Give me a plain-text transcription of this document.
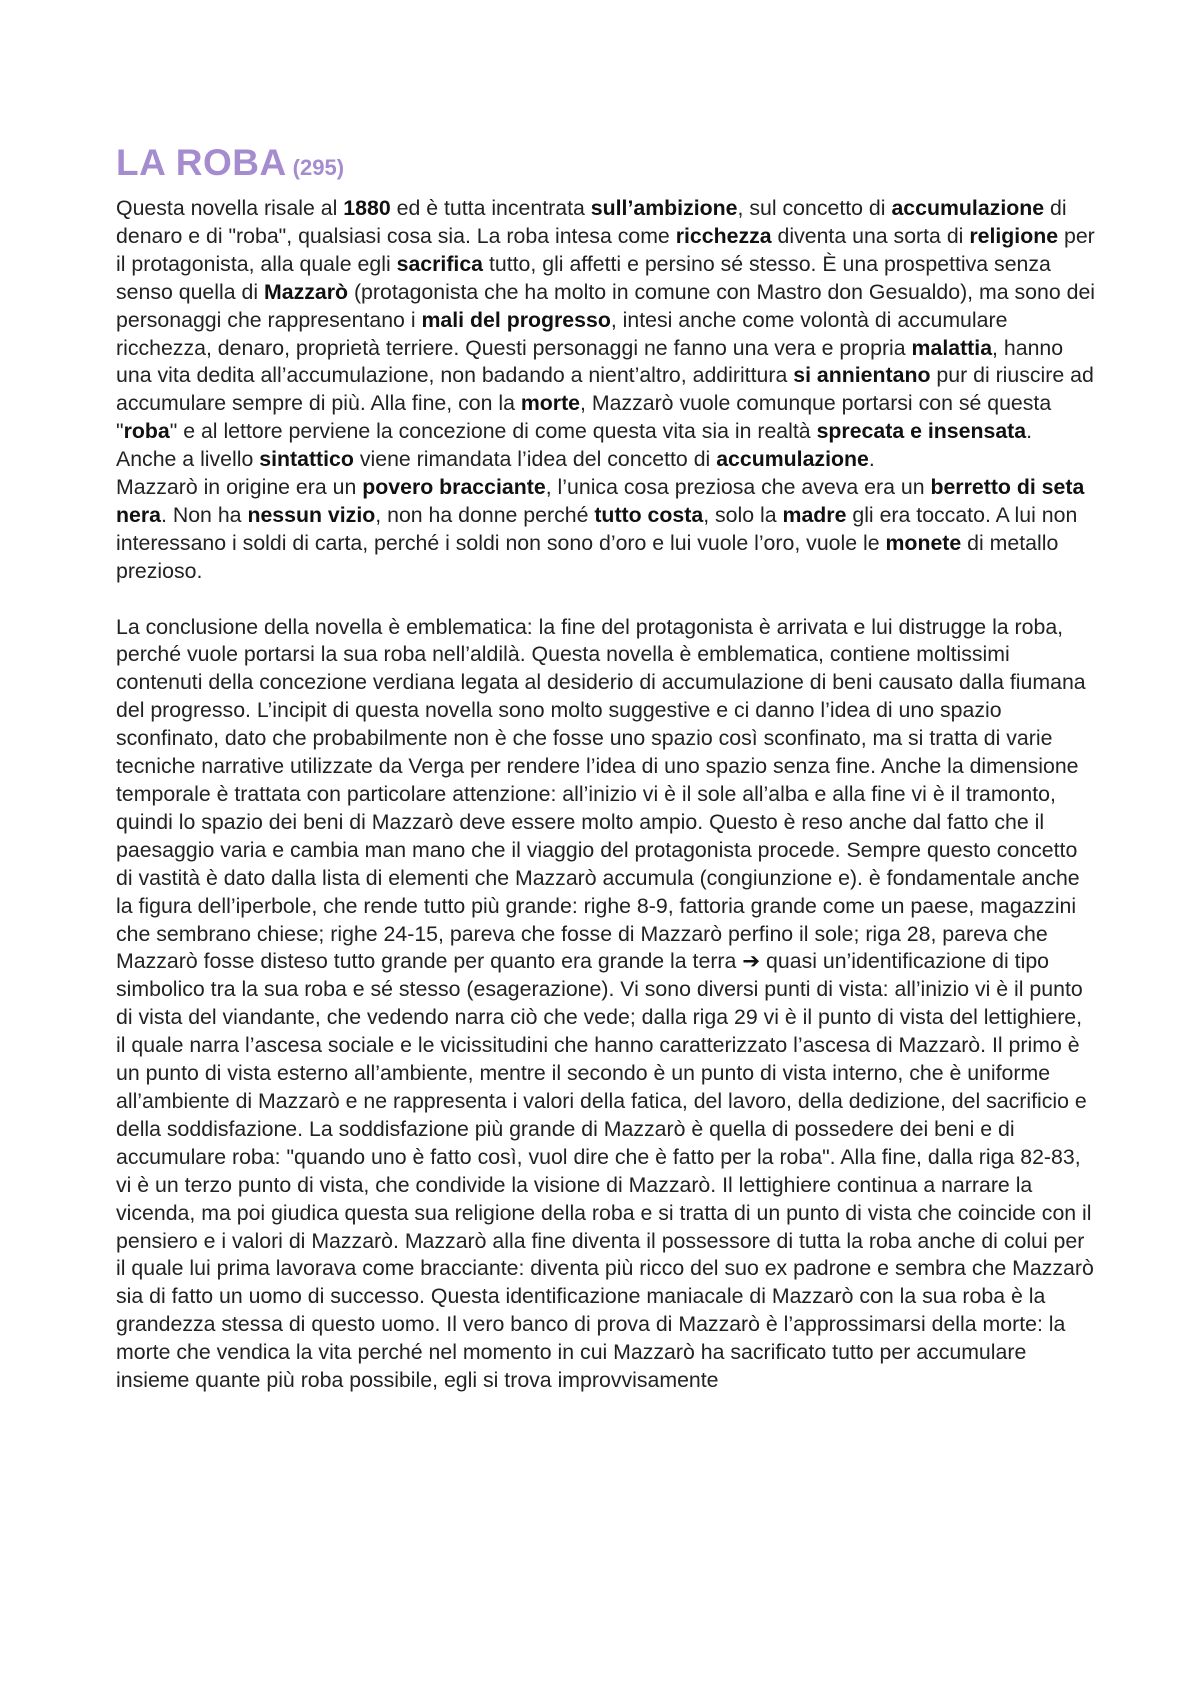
LA ROBA (295)

Questa novella risale al 1880 ed è tutta incentrata sull’ambizione, sul concetto di accumulazione di denaro e di "roba", qualsiasi cosa sia. La roba intesa come ricchezza diventa una sorta di religione per il protagonista, alla quale egli sacrifica tutto, gli affetti e persino sé stesso. È una prospettiva senza senso quella di Mazzarò (protagonista che ha molto in comune con Mastro don Gesualdo), ma sono dei personaggi che rappresentano i mali del progresso, intesi anche come volontà di accumulare ricchezza, denaro, proprietà terriere. Questi personaggi ne fanno una vera e propria malattia, hanno una vita dedita all’accumulazione, non badando a nient’altro, addirittura si annientano pur di riuscire ad accumulare sempre di più. Alla fine, con la morte, Mazzarò vuole comunque portarsi con sé questa "roba" e al lettore perviene la concezione di come questa vita sia in realtà sprecata e insensata. Anche a livello sintattico viene rimandata l’idea del concetto di accumulazione.

Mazzarò in origine era un povero bracciante, l’unica cosa preziosa che aveva era un berretto di seta nera. Non ha nessun vizio, non ha donne perché tutto costa, solo la madre gli era toccato. A lui non interessano i soldi di carta, perché i soldi non sono d’oro e lui vuole l’oro, vuole le monete di metallo prezioso.

La conclusione della novella è emblematica: la fine del protagonista è arrivata e lui distrugge la roba, perché vuole portarsi la sua roba nell’aldilà. Questa novella è emblematica, contiene moltissimi contenuti della concezione verdiana legata al desiderio di accumulazione di beni causato dalla fiumana del progresso. L’incipit di questa novella sono molto suggestive e ci danno l’idea di uno spazio sconfinato, dato che probabilmente non è che fosse uno spazio così sconfinato, ma si tratta di varie tecniche narrative utilizzate da Verga per rendere l’idea di uno spazio senza fine. Anche la dimensione temporale è trattata con particolare attenzione: all’inizio vi è il sole all’alba e alla fine vi è il tramonto, quindi lo spazio dei beni di Mazzarò deve essere molto ampio. Questo è reso anche dal fatto che il paesaggio varia e cambia man mano che il viaggio del protagonista procede. Sempre questo concetto di vastità è dato dalla lista di elementi che Mazzarò accumula (congiunzione e). è fondamentale anche la figura dell’iperbole, che rende tutto più grande: righe 8-9, fattoria grande come un paese, magazzini che sembrano chiese; righe 24-15, pareva che fosse di Mazzarò perfino il sole; riga 28, pareva che Mazzarò fosse disteso tutto grande per quanto era grande la terra ➔ quasi un’identificazione di tipo simbolico tra la sua roba e sé stesso (esagerazione). Vi sono diversi punti di vista: all’inizio vi è il punto di vista del viandante, che vedendo narra ciò che vede; dalla riga 29 vi è il punto di vista del lettighiere, il quale narra l’ascesa sociale e le vicissitudini che hanno caratterizzato l’ascesa di Mazzarò. Il primo è un punto di vista esterno all’ambiente, mentre il secondo è un punto di vista interno, che è uniforme all’ambiente di Mazzarò e ne rappresenta i valori della fatica, del lavoro, della dedizione, del sacrificio e della soddisfazione. La soddisfazione più grande di Mazzarò è quella di possedere dei beni e di accumulare roba: "quando uno è fatto così, vuol dire che è fatto per la roba". Alla fine, dalla riga 82-83, vi è un terzo punto di vista, che condivide la visione di Mazzarò. Il lettighiere continua a narrare la vicenda, ma poi giudica questa sua religione della roba e si tratta di un punto di vista che coincide con il pensiero e i valori di Mazzarò. Mazzarò alla fine diventa il possessore di tutta la roba anche di colui per il quale lui prima lavorava come bracciante: diventa più ricco del suo ex padrone e sembra che Mazzarò sia di fatto un uomo di successo. Questa identificazione maniacale di Mazzarò con la sua roba è la grandezza stessa di questo uomo. Il vero banco di prova di Mazzarò è l’approssimarsi della morte: la morte che vendica la vita perché nel momento in cui Mazzarò ha sacrificato tutto per accumulare insieme quante più roba possibile, egli si trova improvvisamente
